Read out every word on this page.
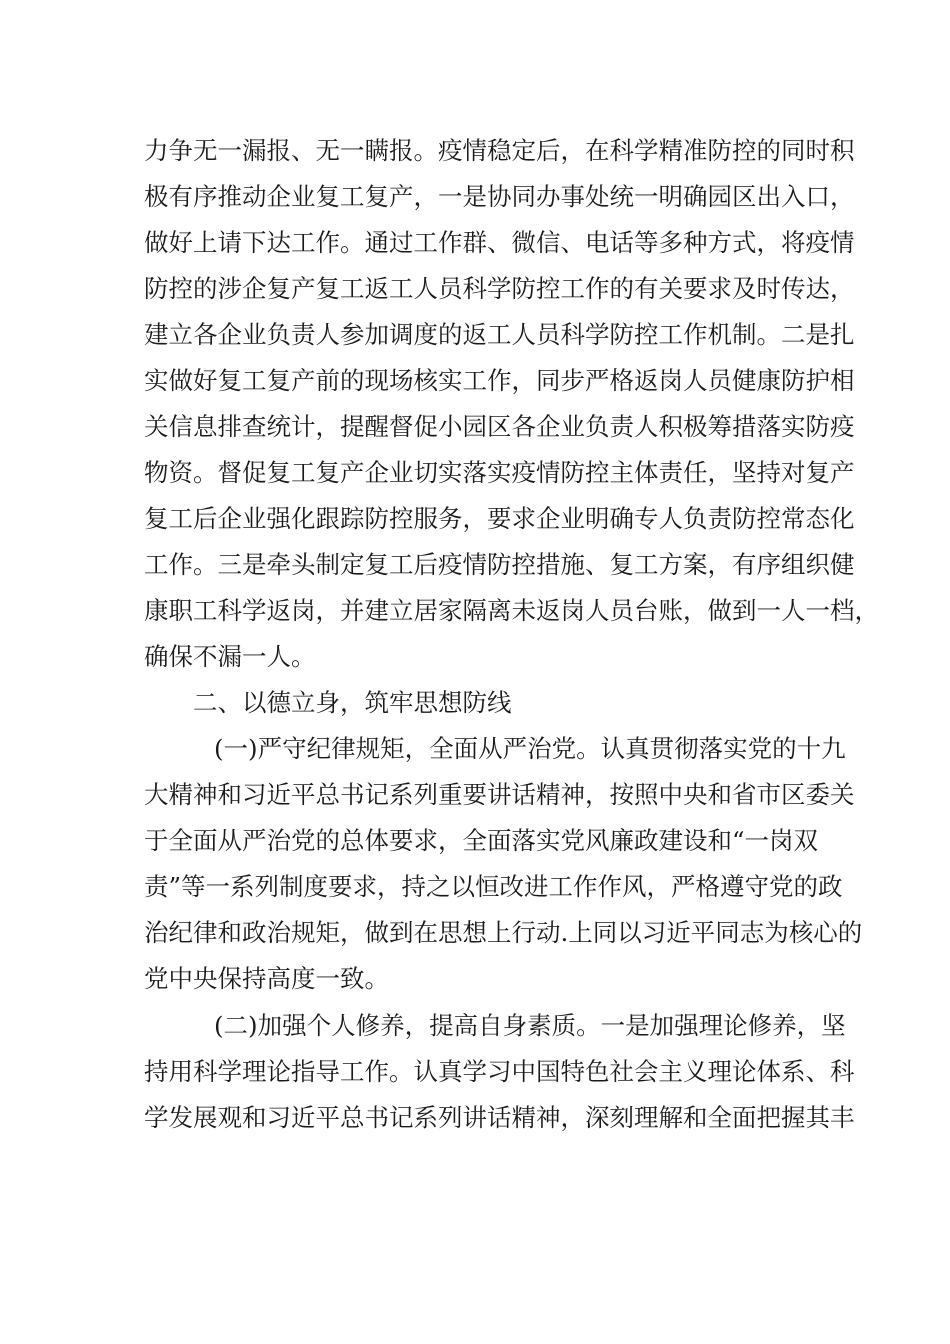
力争无一漏报、无一瞒报。疫情稳定后，在科学精准防控的同时积

极有序推动企业复工复产，一是协同办事处统一明确园区出入口，

做好上请下达工作。通过工作群、微信、电话等多种方式，将疫情

防控的涉企复产复工返工人员科学防控工作的有关要求及时传达，

建立各企业负责人参加调度的返工人员科学防控工作机制。二是扎

实做好复工复产前的现场核实工作，同步严格返岗人员健康防护相

关信息排查统计，提醒督促小园区各企业负责人积极筹措落实防疫

物资。督促复工复产企业切实落实疫情防控主体责任，坚持对复产

复工后企业强化跟踪防控服务，要求企业明确专人负责防控常态化

工作。三是牵头制定复工后疫情防控措施、复工方案，有序组织健

康职工科学返岗，并建立居家隔离未返岗人员台账，做到一人一档，

确保不漏一人。

二、以德立身，筑牢思想防线

(一)严守纪律规矩，全面从严治党。认真贯彻落实党的十九

大精神和习近平总书记系列重要讲话精神，按照中央和省市区委关

于全面从严治党的总体要求，全面落实党风廉政建设和“一岗双

责”等一系列制度要求，持之以恒改进工作作风，严格遵守党的政

治纪律和政治规矩，做到在思想上行动.上同以习近平同志为核心的

党中央保持高度一致。

(二)加强个人修养，提高自身素质。一是加强理论修养，坚

持用科学理论指导工作。认真学习中国特色社会主义理论体系、科

学发展观和习近平总书记系列讲话精神，深刻理解和全面把握其丰
